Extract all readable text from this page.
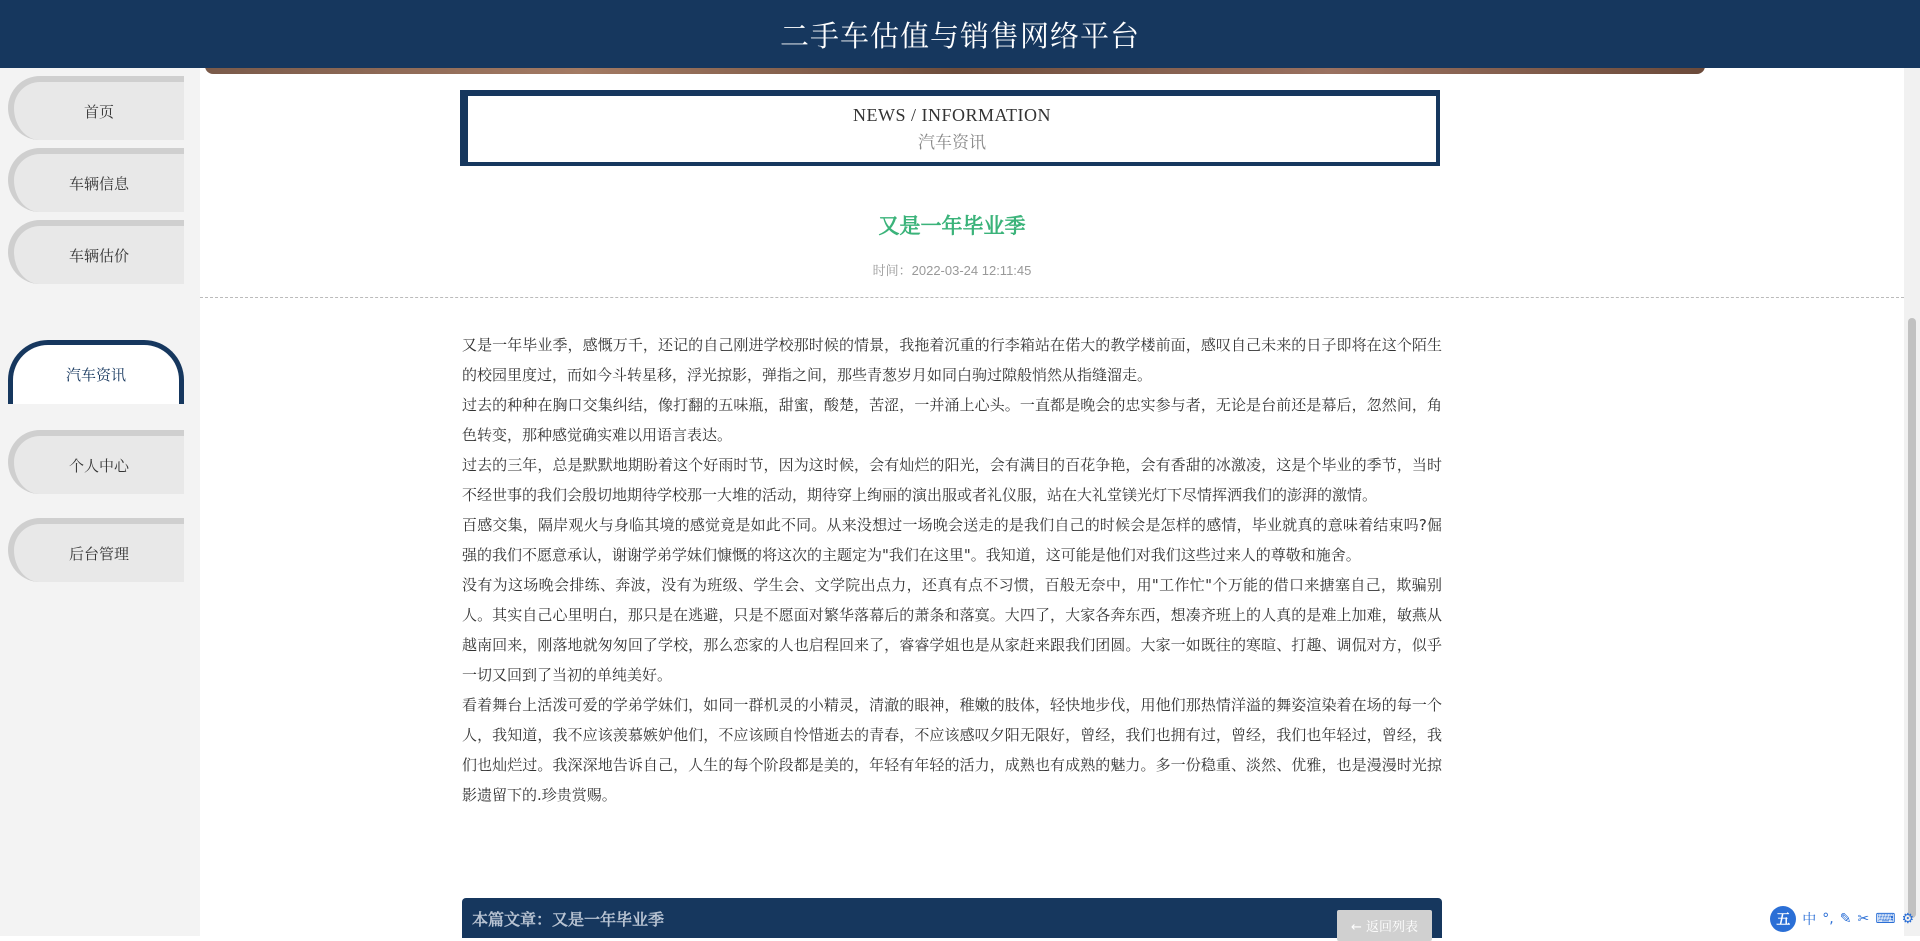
二手车估值与销售网络平台
首页
车辆信息
车辆估价
汽车资讯
个人中心
后台管理
NEWS / INFORMATION
汽车资讯
又是一年毕业季
时间：2022-03-24 12:11:45

又是一年毕业季，感慨万千，还记的自己刚进学校那时候的情景，我拖着沉重的行李箱站在偌大的教学楼前面，感叹自己未来的日子即将在这个陌生的校园里度过，而如今斗转星移，浮光掠影，弹指之间，那些青葱岁月如同白驹过隙般悄然从指缝溜走。

过去的种种在胸口交集纠结，像打翻的五味瓶，甜蜜，酸楚，苦涩，一并涌上心头。一直都是晚会的忠实参与者，无论是台前还是幕后，忽然间，角色转变，那种感觉确实难以用语言表达。

过去的三年，总是默默地期盼着这个好雨时节，因为这时候，会有灿烂的阳光，会有满目的百花争艳，会有香甜的冰激凌，这是个毕业的季节，当时不经世事的我们会殷切地期待学校那一大堆的活动，期待穿上绚丽的演出服或者礼仪服，站在大礼堂镁光灯下尽情挥洒我们的澎湃的激情。

百感交集，隔岸观火与身临其境的感觉竟是如此不同。从来没想过一场晚会送走的是我们自己的时候会是怎样的感情，毕业就真的意味着结束吗?倔强的我们不愿意承认，谢谢学弟学妹们慷慨的将这次的主题定为"我们在这里"。我知道，这可能是他们对我们这些过来人的尊敬和施舍。

没有为这场晚会排练、奔波，没有为班级、学生会、文学院出点力，还真有点不习惯，百般无奈中，用"工作忙"个万能的借口来搪塞自己，欺骗别人。其实自己心里明白，那只是在逃避，只是不愿面对繁华落幕后的萧条和落寞。大四了，大家各奔东西，想凑齐班上的人真的是难上加难，敏燕从越南回来，刚落地就匆匆回了学校，那么恋家的人也启程回来了，睿睿学姐也是从家赶来跟我们团圆。大家一如既往的寒暄、打趣、调侃对方，似乎一切又回到了当初的单纯美好。

看着舞台上活泼可爱的学弟学妹们，如同一群机灵的小精灵，清澈的眼神，稚嫩的肢体，轻快地步伐，用他们那热情洋溢的舞姿渲染着在场的每一个人，我知道，我不应该羡慕嫉妒他们，不应该顾自怜惜逝去的青春，不应该感叹夕阳无限好，曾经，我们也拥有过，曾经，我们也年轻过，曾经，我们也灿烂过。我深深地告诉自己，人生的每个阶段都是美的，年轻有年轻的活力，成熟也有成熟的魅力。多一份稳重、淡然、优雅，也是漫漫时光掠影遗留下的.珍贵赏赐。

本篇文章：又是一年毕业季	← 返回列表	五 中 °, ✎ ✂ ⌨ ⚙
